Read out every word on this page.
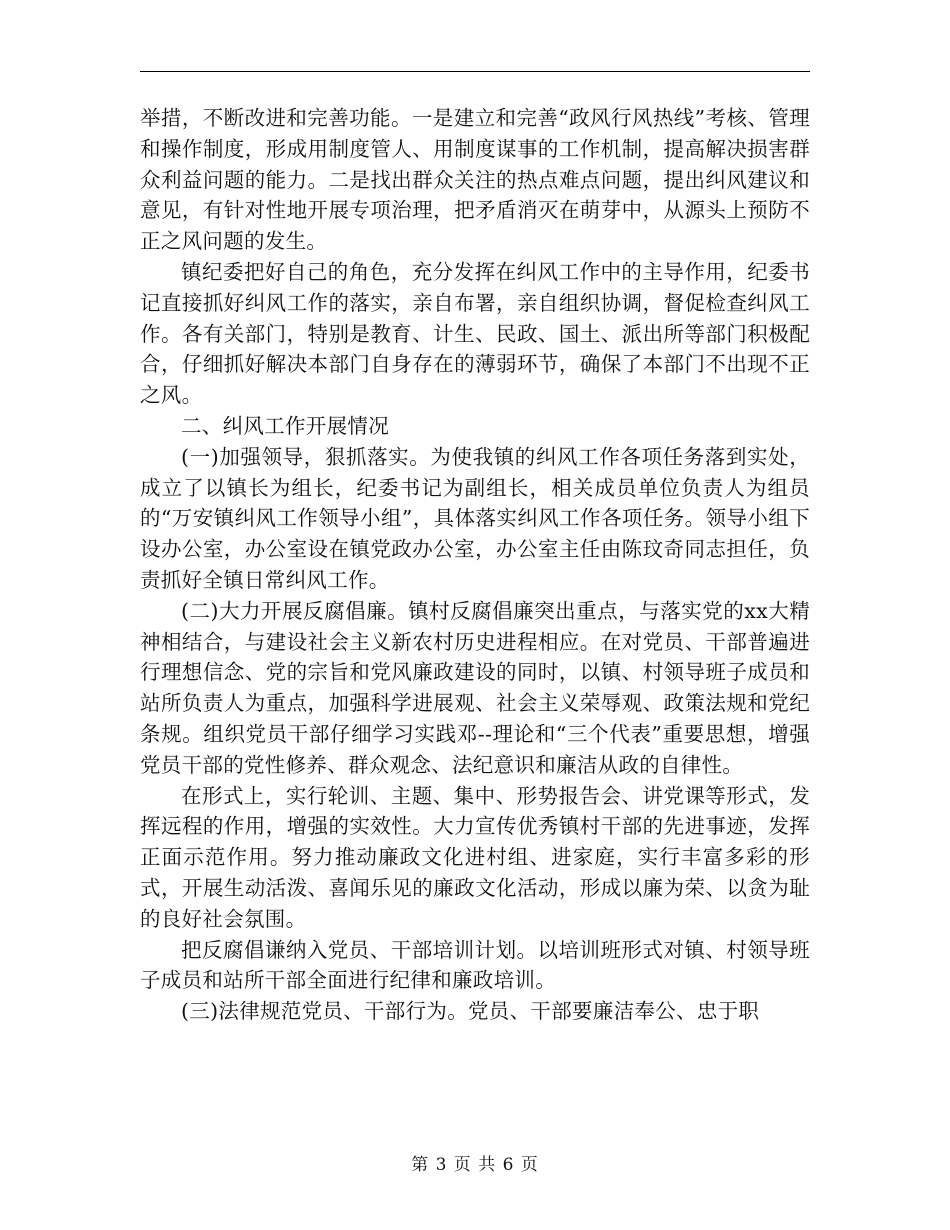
举措，不断改进和完善功能。一是建立和完善“政风行风热线”考核、管理和操作制度，形成用制度管人、用制度谋事的工作机制，提高解决损害群众利益问题的能力。二是找出群众关注的热点难点问题，提出纠风建议和意见，有针对性地开展专项治理，把矛盾消灭在萌芽中，从源头上预防不正之风问题的发生。

镇纪委把好自己的角色，充分发挥在纠风工作中的主导作用，纪委书记直接抓好纠风工作的落实，亲自布署，亲自组织协调，督促检查纠风工作。各有关部门，特别是教育、计生、民政、国土、派出所等部门积极配合，仔细抓好解决本部门自身存在的薄弱环节，确保了本部门不出现不正之风。

二、纠风工作开展情况

(一)加强领导，狠抓落实。为使我镇的纠风工作各项任务落到实处，成立了以镇长为组长，纪委书记为副组长，相关成员单位负责人为组员的“万安镇纠风工作领导小组”，具体落实纠风工作各项任务。领导小组下设办公室，办公室设在镇党政办公室，办公室主任由陈玟奇同志担任，负责抓好全镇日常纠风工作。

(二)大力开展反腐倡廉。镇村反腐倡廉突出重点，与落实党的xx大精神相结合，与建设社会主义新农村历史进程相应。在对党员、干部普遍进行理想信念、党的宗旨和党风廉政建设的同时，以镇、村领导班子成员和站所负责人为重点，加强科学进展观、社会主义荣辱观、政策法规和党纪条规。组织党员干部仔细学习实践邓--理论和“三个代表”重要思想，增强党员干部的党性修养、群众观念、法纪意识和廉洁从政的自律性。

在形式上，实行轮训、主题、集中、形势报告会、讲党课等形式，发挥远程的作用，增强的实效性。大力宣传优秀镇村干部的先进事迹，发挥正面示范作用。努力推动廉政文化进村组、进家庭，实行丰富多彩的形式，开展生动活泼、喜闻乐见的廉政文化活动，形成以廉为荣、以贪为耻的良好社会氛围。

把反腐倡谦纳入党员、干部培训计划。以培训班形式对镇、村领导班子成员和站所干部全面进行纪律和廉政培训。

(三)法律规范党员、干部行为。党员、干部要廉洁奉公、忠于职

第 3 页 共 6 页
